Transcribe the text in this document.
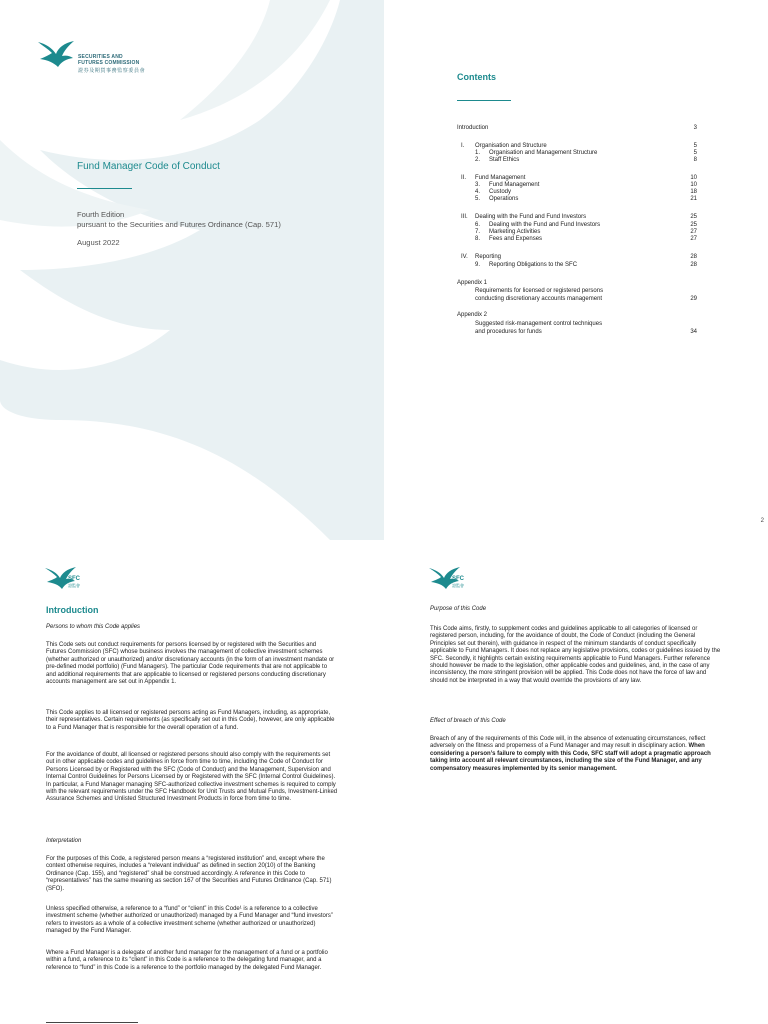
SECURITIES AND
FUTURES COMMISSION
證券及期貨事務監察委員會
Fund Manager Code of Conduct
Fourth Edition
pursuant to the Securities and Futures Ordinance (Cap. 571)
August 2022
Contents
Introduction	3
I. Organisation and Structure	5
1. Organisation and Management Structure	5
2. Staff Ethics	8
II. Fund Management	10
3. Fund Management	10
4. Custody	18
5. Operations	21
III. Dealing with the Fund and Fund Investors	25
6. Dealing with the Fund and Fund Investors	25
7. Marketing Activities	27
8. Fees and Expenses	27
IV. Reporting	28
9. Reporting Obligations to the SFC	28
Appendix 1
Requirements for licensed or registered persons
conducting discretionary accounts management	29
Appendix 2
Suggested risk-management control techniques
and procedures for funds	34
2
SFC
證監會
Introduction
Persons to whom this Code applies
This Code sets out conduct requirements for persons licensed by or registered with the Securities and Futures Commission (SFC) whose business involves the management of collective investment schemes (whether authorized or unauthorized) and/or discretionary accounts (in the form of an investment mandate or pre-defined model portfolio) (Fund Managers). The particular Code requirements that are not applicable to and additional requirements that are applicable to licensed or registered persons conducting discretionary accounts management are set out in Appendix 1.
This Code applies to all licensed or registered persons acting as Fund Managers, including, as appropriate, their representatives. Certain requirements (as specifically set out in this Code), however, are only applicable to a Fund Manager that is responsible for the overall operation of a fund.
For the avoidance of doubt, all licensed or registered persons should also comply with the requirements set out in other applicable codes and guidelines in force from time to time, including the Code of Conduct for Persons Licensed by or Registered with the SFC (Code of Conduct) and the Management, Supervision and Internal Control Guidelines for Persons Licensed by or Registered with the SFC (Internal Control Guidelines). In particular, a Fund Manager managing SFC-authorized collective investment schemes is required to comply with the relevant requirements under the SFC Handbook for Unit Trusts and Mutual Funds, Investment-Linked Assurance Schemes and Unlisted Structured Investment Products in force from time to time.
Interpretation
For the purposes of this Code, a registered person means a “registered institution” and, except where the context otherwise requires, includes a “relevant individual” as defined in section 20(10) of the Banking Ordinance (Cap. 155), and “registered” shall be construed accordingly. A reference in this Code to “representatives” has the same meaning as section 167 of the Securities and Futures Ordinance (Cap. 571) (SFO).
Unless specified otherwise, a reference to a “fund” or “client” in this Code¹ is a reference to a collective investment scheme (whether authorized or unauthorized) managed by a Fund Manager and “fund investors” refers to investors as a whole of a collective investment scheme (whether authorized or unauthorized) managed by the Fund Manager.
Where a Fund Manager is a delegate of another fund manager for the management of a fund or a portfolio within a fund, a reference to its “client” in this Code is a reference to the delegating fund manager, and a reference to “fund” in this Code is a reference to the portfolio managed by the delegated Fund Manager.
SFC
證監會
Purpose of this Code
This Code aims, firstly, to supplement codes and guidelines applicable to all categories of licensed or registered person, including, for the avoidance of doubt, the Code of Conduct (including the General Principles set out therein), with guidance in respect of the minimum standards of conduct specifically applicable to Fund Managers. It does not replace any legislative provisions, codes or guidelines issued by the SFC. Secondly, it highlights certain existing requirements applicable to Fund Managers. Further reference should however be made to the legislation, other applicable codes and guidelines, and, in the case of any inconsistency, the more stringent provision will be applied. This Code does not have the force of law and should not be interpreted in a way that would override the provisions of any law.
Effect of breach of this Code
Breach of any of the requirements of this Code will, in the absence of extenuating circumstances, reflect adversely on the fitness and properness of a Fund Manager and may result in disciplinary action. When considering a person’s failure to comply with this Code, SFC staff will adopt a pragmatic approach taking into account all relevant circumstances, including the size of the Fund Manager, and any compensatory measures implemented by its senior management.
